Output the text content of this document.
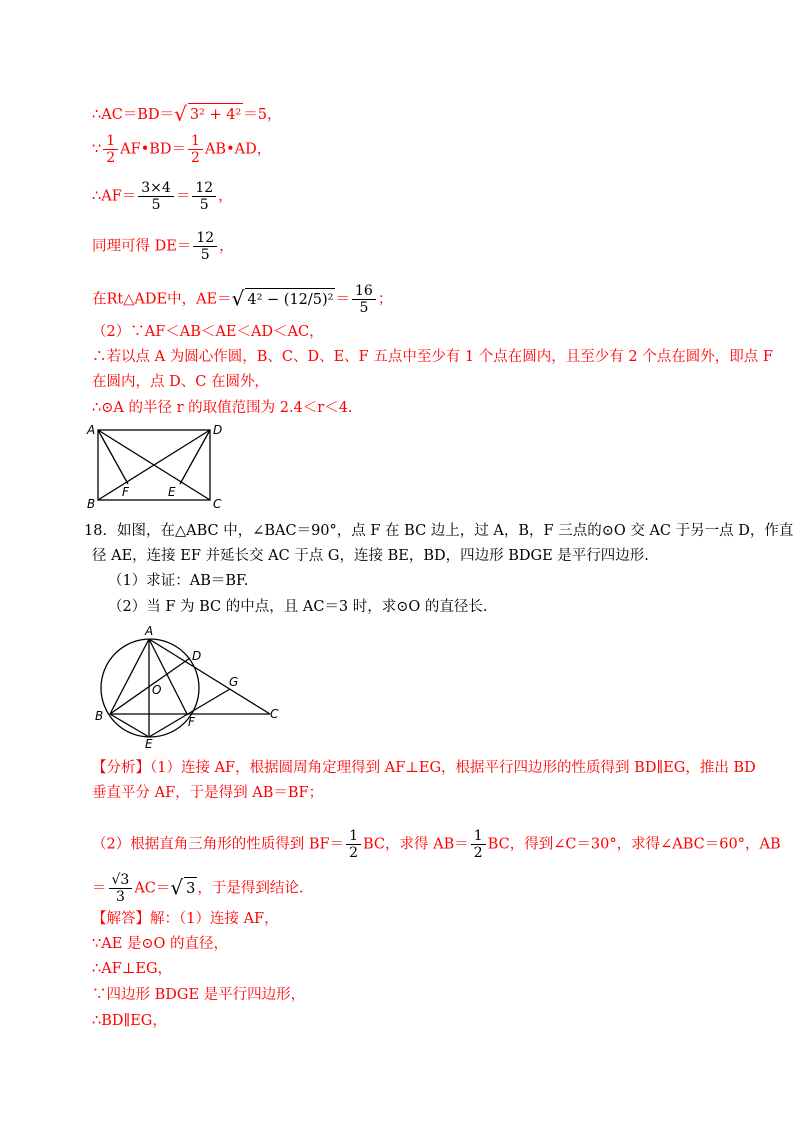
∴AC＝BD＝√ 3² + 4² ＝5，
∵ $\frac{1}{2}$ AF•BD＝ $\frac{1}{2}$ AB•AD，
∴AF＝ $\frac{3\times 4}{5} = \frac{12}{5}$ ，
同理可得 $DE= \frac{12}{5}$ ，
在Rt△ADE中，AE＝√ $4^2 - (12/5)^2 = \frac{16}{5}$ ；
（2）∵AF＜AB＜AE＜AD＜AC，
∴若以点 A 为圆心作圆，B、C、D、E、F 五点中至少有 1 个点在圆内，且至少有 2 个点在圆外，即点 F
在圆内，点 D、C 在圆外，
∴⊙A 的半径 r 的取值范围为 2.4＜r＜4.
A	D
B	C
F	E
18．如图，在△ABC 中，∠BAC＝90°，点 F 在 BC 边上，过 A，B，F 三点的⊙O 交 AC 于另一点 D，作直
径 AE，连接 EF 并延长交 AC 于点 G，连接 BE，BD，四边形 BDGE 是平行四边形.
（1）求证：AB＝BF.
（2）当 F 为 BC 的中点，且 AC＝3 时，求⊙O 的直径长.
A
D
G
O
B	F
C
E
【分析】（1）连接 AF，根据圆周角定理得到 AF⊥EG，根据平行四边形的性质得到 BD∥EG，推出 BD
垂直平分 AF，于是得到 AB＝BF；
（2）根据直角三角形的性质得到 $BF= \frac{1}{2}$ BC，求得 $AB= \frac{1}{2}$ BC，得到∠C＝30°，求得∠ABC＝60°，AB
＝ $\frac{√3}{3} AC=√$ 3 ，于是得到结论.
【解答】解：（1）连接 AF，
∵AE 是⊙O 的直径，
∴AF⊥EG，
∵四边形 BDGE 是平行四边形，
∴BD∥EG，
